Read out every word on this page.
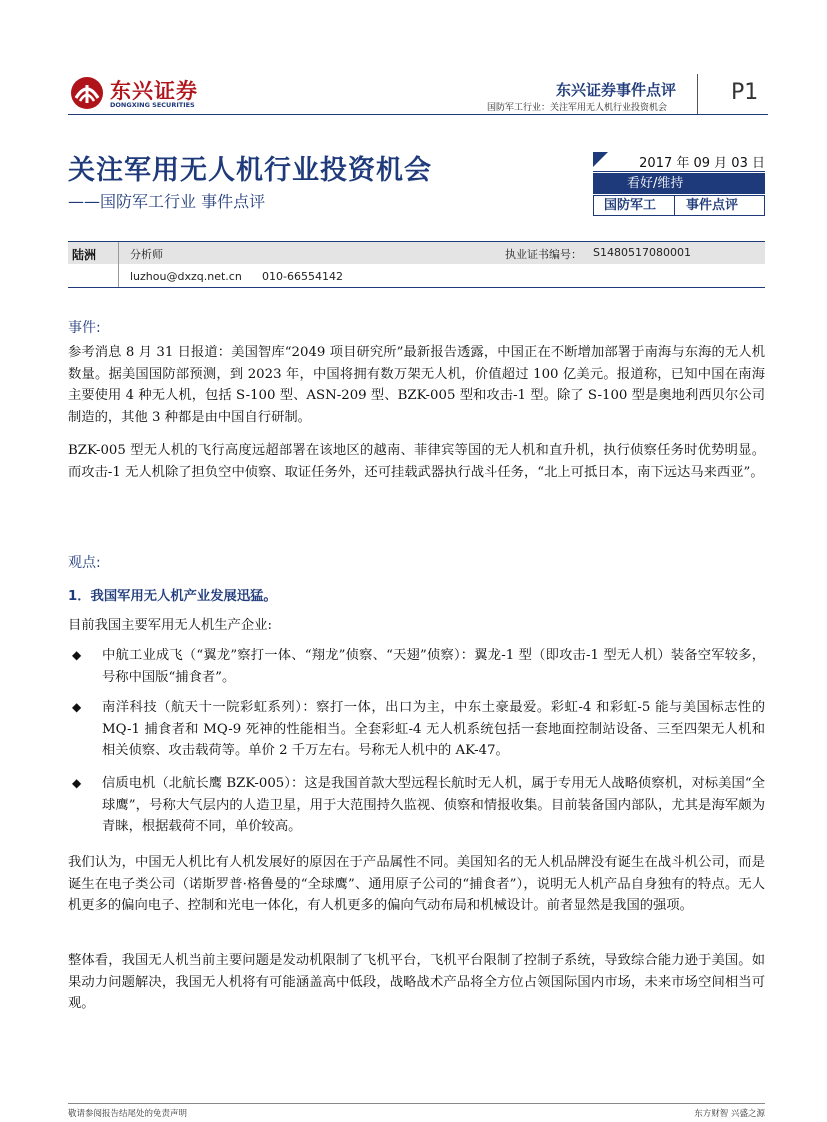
东兴证券
DONGXING SECURITIES
东兴证券事件点评
国防军工行业：关注军用无人机行业投资机会
P1
关注军用无人机行业投资机会
——国防军工行业 事件点评
2017 年 09 月 03 日
看好/维持
国防军工 事件点评
陆洲	分析师	执业证书编号： S1480517080001
luzhou@dxzq.net.cn 010-66554142
事件:
参考消息 8 月 31 日报道：美国智库“2049 项目研究所”最新报告透露，中国正在不断增加部署于南海与东海的无人机数量。据美国国防部预测，到 2023 年，中国将拥有数万架无人机，价值超过 100 亿美元。报道称，已知中国在南海主要使用 4 种无人机，包括 S-100 型、ASN-209 型、BZK-005 型和攻击-1 型。除了 S-100 型是奥地利西贝尔公司制造的，其他 3 种都是由中国自行研制。
BZK-005 型无人机的飞行高度远超部署在该地区的越南、菲律宾等国的无人机和直升机，执行侦察任务时优势明显。而攻击-1 无人机除了担负空中侦察、取证任务外，还可挂载武器执行战斗任务，“北上可抵日本，南下远达马来西亚”。
观点:
1．我国军用无人机产业发展迅猛。
目前我国主要军用无人机生产企业:
◆ 中航工业成飞（“翼龙”察打一体、“翔龙”侦察、“天翅”侦察）：翼龙-1 型（即攻击-1 型无人机）装备空军较多，号称中国版“捕食者”。
◆ 南洋科技（航天十一院彩虹系列）：察打一体，出口为主，中东土豪最爱。彩虹-4 和彩虹-5 能与美国标志性的 MQ-1 捕食者和 MQ-9 死神的性能相当。全套彩虹-4 无人机系统包括一套地面控制站设备、三至四架无人机和相关侦察、攻击载荷等。单价 2 千万左右。号称无人机中的 AK-47。
◆ 信质电机（北航长鹰 BZK-005）：这是我国首款大型远程长航时无人机，属于专用无人战略侦察机，对标美国“全球鹰”，号称大气层内的人造卫星，用于大范围持久监视、侦察和情报收集。目前装备国内部队，尤其是海军颇为青睐，根据载荷不同，单价较高。
我们认为，中国无人机比有人机发展好的原因在于产品属性不同。美国知名的无人机品牌没有诞生在战斗机公司，而是诞生在电子类公司（诺斯罗普·格鲁曼的“全球鹰”、通用原子公司的“捕食者”），说明无人机产品自身独有的特点。无人机更多的偏向电子、控制和光电一体化，有人机更多的偏向气动布局和机械设计。前者显然是我国的强项。
整体看，我国无人机当前主要问题是发动机限制了飞机平台，飞机平台限制了控制子系统，导致综合能力逊于美国。如果动力问题解决，我国无人机将有可能涵盖高中低段，战略战术产品将全方位占领国际国内市场，未来市场空间相当可观。
敬请参阅报告结尾处的免责声明	东方财智 兴盛之源
